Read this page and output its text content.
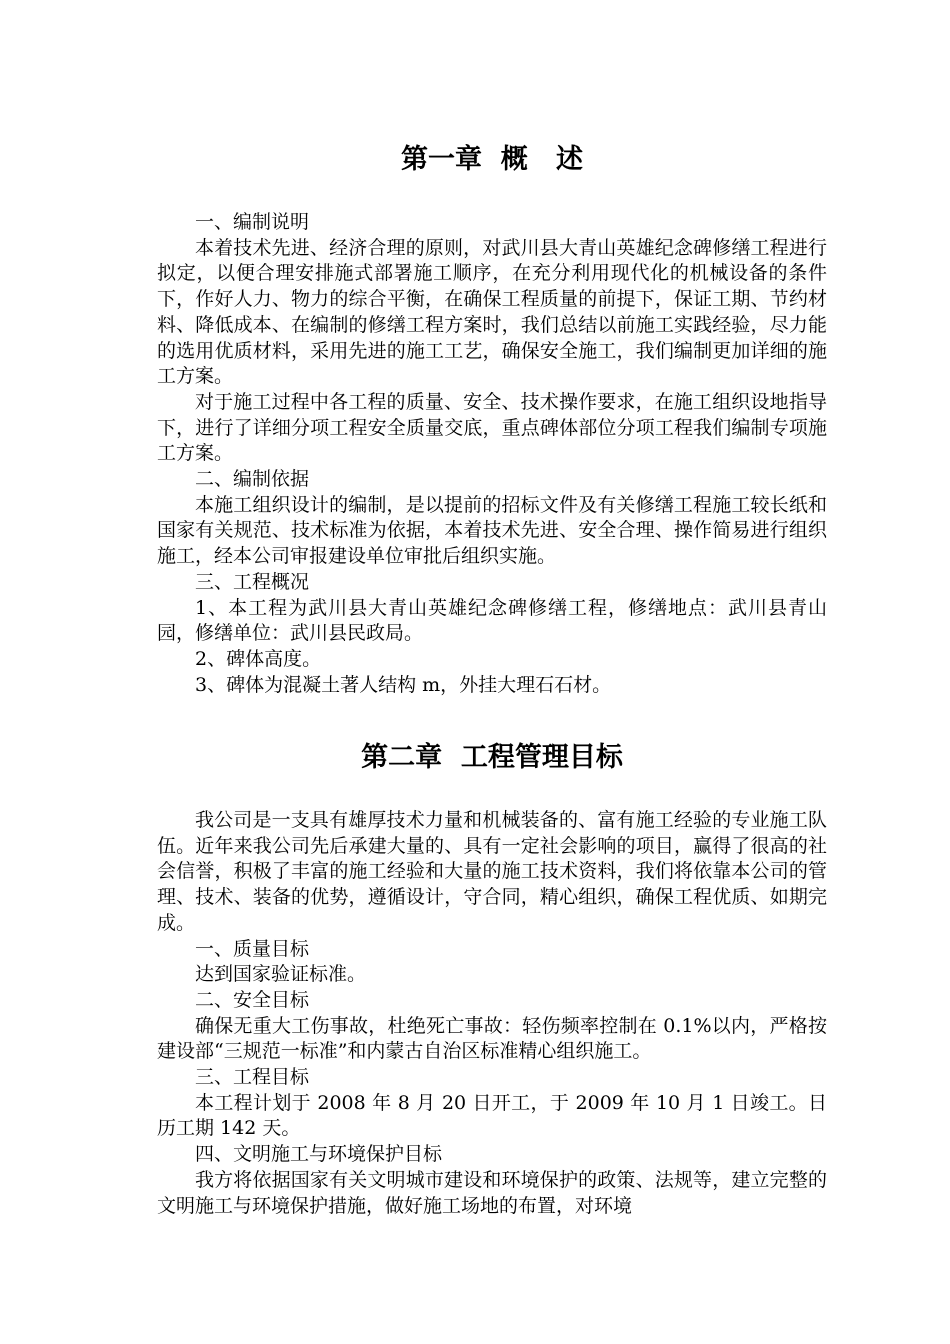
第一章  概   述

一、编制说明

本着技术先进、经济合理的原则，对武川县大青山英雄纪念碑修缮工程进行拟定，以便合理安排施式部署施工顺序，在充分利用现代化的机械设备的条件下，作好人力、物力的综合平衡，在确保工程质量的前提下，保证工期、节约材料、降低成本、在编制的修缮工程方案时，我们总结以前施工实践经验，尽力能的选用优质材料，采用先进的施工工艺，确保安全施工，我们编制更加详细的施工方案。

对于施工过程中各工程的质量、安全、技术操作要求，在施工组织设地指导下，进行了详细分项工程安全质量交底，重点碑体部位分项工程我们编制专项施工方案。

二、编制依据

本施工组织设计的编制，是以提前的招标文件及有关修缮工程施工较长纸和国家有关规范、技术标准为依据，本着技术先进、安全合理、操作简易进行组织施工，经本公司审报建设单位审批后组织实施。

三、工程概况

1、本工程为武川县大青山英雄纪念碑修缮工程，修缮地点：武川县青山园，修缮单位：武川县民政局。

2、碑体高度。

3、碑体为混凝土著人结构 m，外挂大理石石材。

第二章  工程管理目标

我公司是一支具有雄厚技术力量和机械装备的、富有施工经验的专业施工队伍。近年来我公司先后承建大量的、具有一定社会影响的项目，赢得了很高的社会信誉，积极了丰富的施工经验和大量的施工技术资料，我们将依靠本公司的管理、技术、装备的优势，遵循设计，守合同，精心组织，确保工程优质、如期完成。

一、质量目标

达到国家验证标准。

二、安全目标

确保无重大工伤事故，杜绝死亡事故：轻伤频率控制在 0.1%以内，严格按建设部“三规范一标准”和内蒙古自治区标准精心组织施工。

三、工程目标

本工程计划于 2008 年 8 月 20 日开工，于 2009 年 10 月 1 日竣工。日历工期 142 天。

四、文明施工与环境保护目标

我方将依据国家有关文明城市建设和环境保护的政策、法规等，建立完整的文明施工与环境保护措施，做好施工场地的布置，对环境
